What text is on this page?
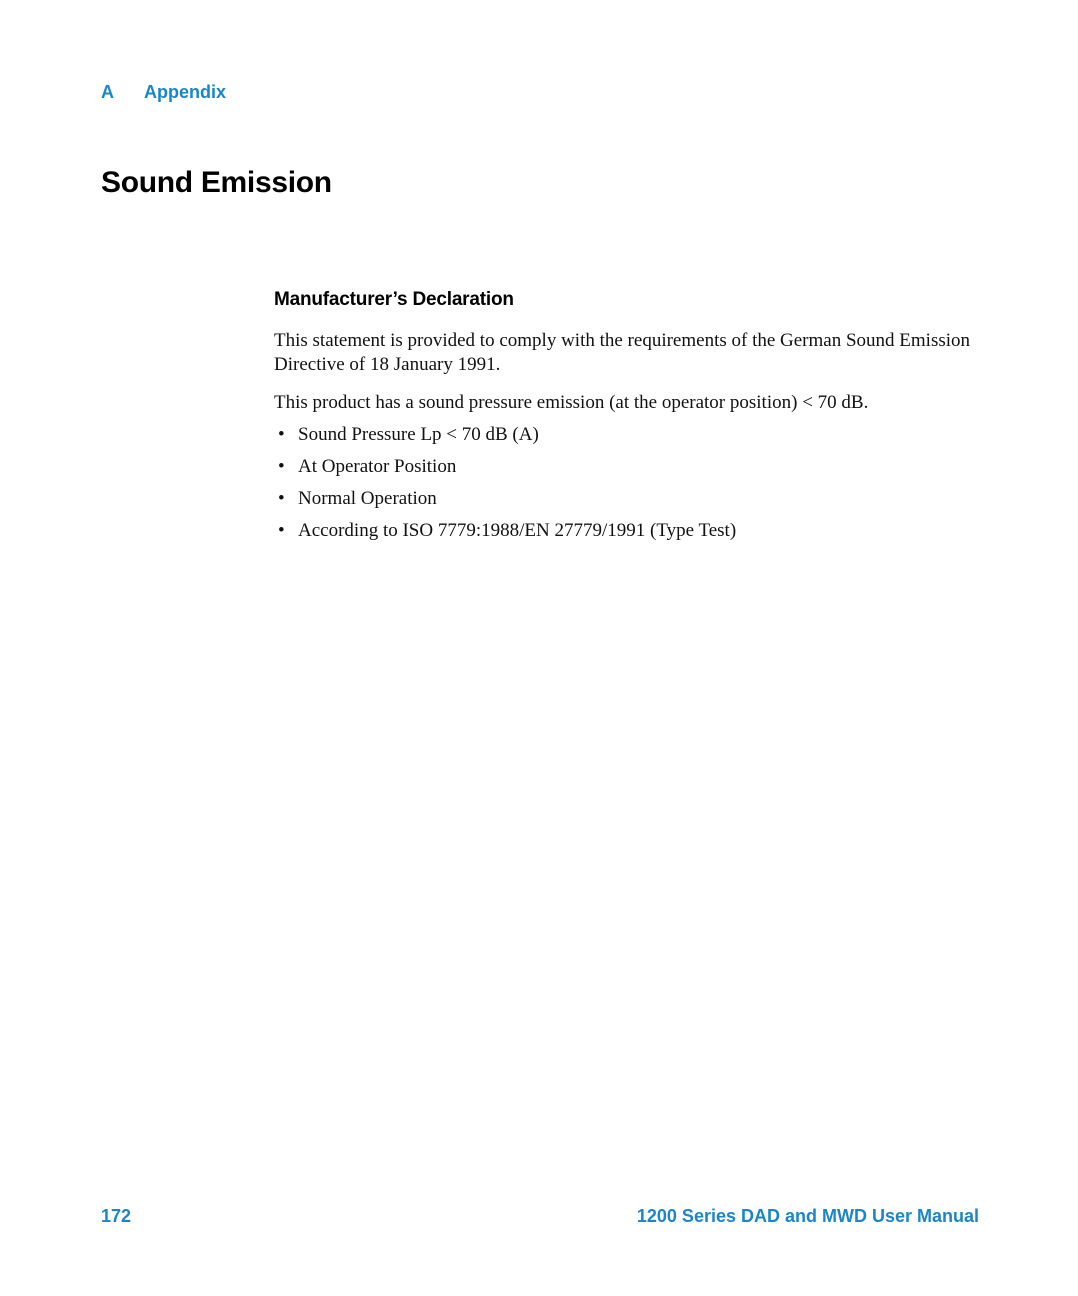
A	Appendix
Sound Emission
Manufacturer’s Declaration

This statement is provided to comply with the requirements of the German Sound Emission Directive of 18 January 1991.

This product has a sound pressure emission (at the operator position) < 70 dB.

• Sound Pressure Lp < 70 dB (A)
• At Operator Position
• Normal Operation
• According to ISO 7779:1988/EN 27779/1991 (Type Test)
172	1200 Series DAD and MWD User Manual
